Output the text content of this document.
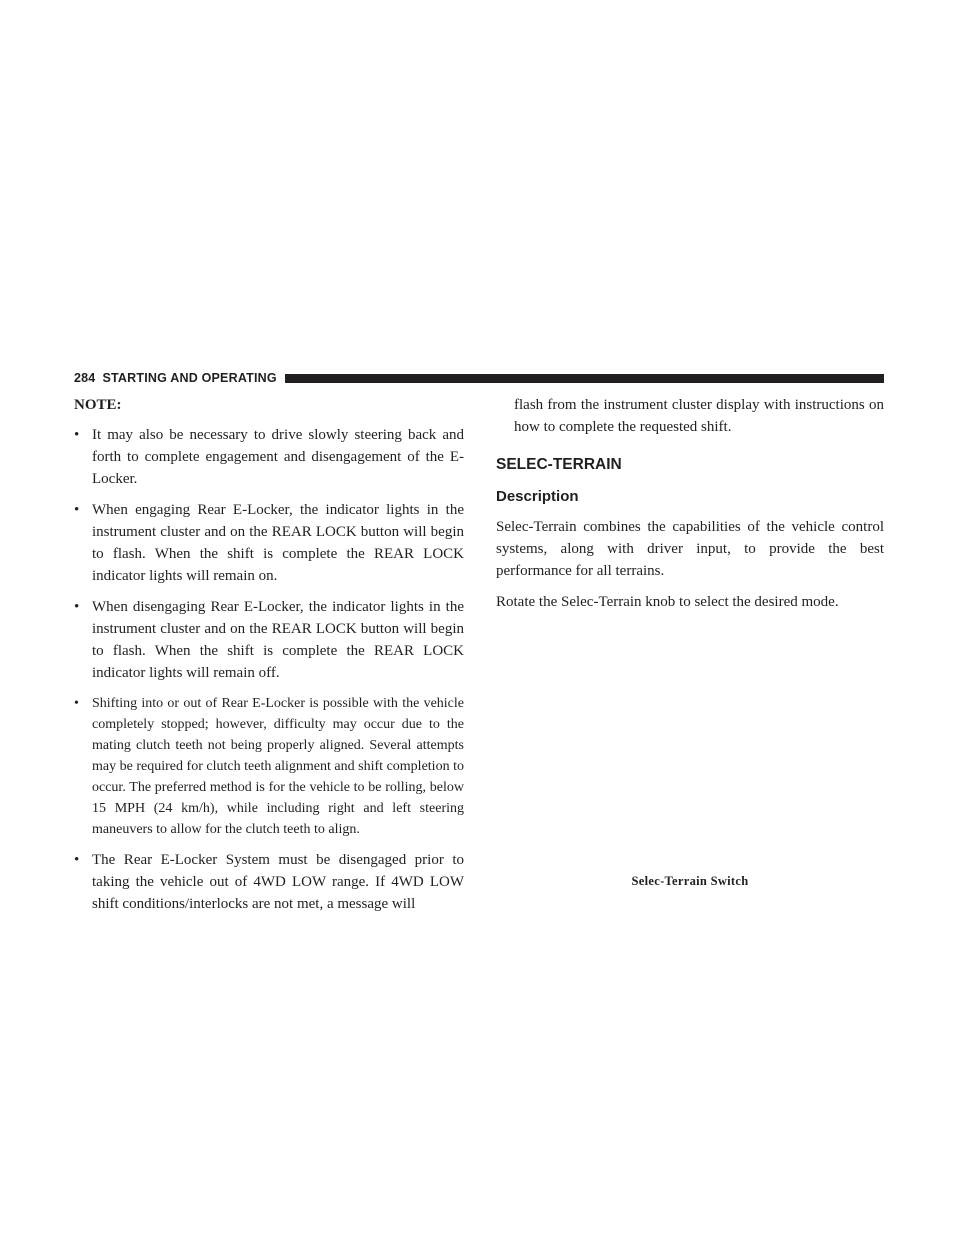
284 STARTING AND OPERATING

NOTE:

• It may also be necessary to drive slowly steering back and forth to complete engagement and disengagement of the E-Locker.
• When engaging Rear E-Locker, the indicator lights in the instrument cluster and on the REAR LOCK button will begin to flash. When the shift is complete the REAR LOCK indicator lights will remain on.
• When disengaging Rear E-Locker, the indicator lights in the instrument cluster and on the REAR LOCK button will begin to flash. When the shift is complete the REAR LOCK indicator lights will remain off.
• Shifting into or out of Rear E-Locker is possible with the vehicle completely stopped; however, difficulty may occur due to the mating clutch teeth not being properly aligned. Several attempts may be required for clutch teeth alignment and shift completion to occur. The preferred method is for the vehicle to be rolling, below 15 MPH (24 km/h), while including right and left steering maneuvers to allow for the clutch teeth to align.
• The Rear E-Locker System must be disengaged prior to taking the vehicle out of 4WD LOW range. If 4WD LOW shift conditions/interlocks are not met, a message will

flash from the instrument cluster display with instructions on how to complete the requested shift.

SELEC-TERRAIN
Description

Selec-Terrain combines the capabilities of the vehicle control systems, along with driver input, to provide the best performance for all terrains.

Rotate the Selec-Terrain knob to select the desired mode.

Selec-Terrain Switch
